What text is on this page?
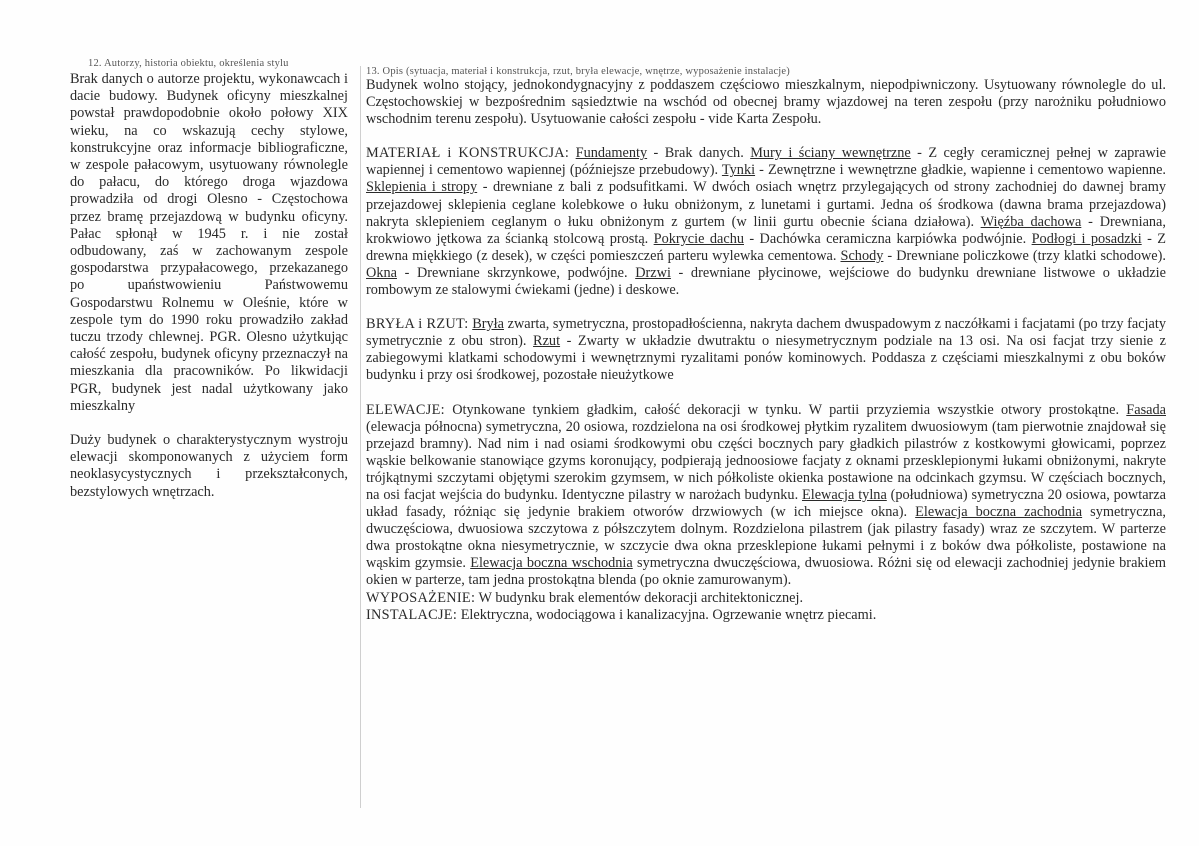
12. Autorzy, historia obiektu, określenia stylu

Brak danych o autorze projektu, wykonawcach i dacie budowy. Budynek oficyny mieszkalnej powstał prawdopodobnie około połowy XIX wieku, na co wskazują cechy stylowe, konstrukcyjne oraz informacje bibliograficzne, w zespole pałacowym, usytuowany równolegle do pałacu, do którego droga wjazdowa prowadziła od drogi Olesno - Częstochowa przez bramę przejazdową w budynku oficyny. Pałac spłonął w 1945 r. i nie został odbudowany, zaś w zachowanym zespole gospodarstwa przypałacowego, przekazanego po upaństwowieniu Państwowemu Gospodarstwu Rolnemu w Oleśnie, które w zespole tym do 1990 roku prowadziło zakład tuczu trzody chlewnej. PGR. Olesno użytkując całość zespołu, budynek oficyny przeznaczył na mieszkania dla pracowników. Po likwidacji PGR, budynek jest nadal użytkowany jako mieszkalny

Duży budynek o charakterystycznym wystroju elewacji skomponowanych z użyciem form neoklasycystycznych i przekształconych, bezstylowych wnętrzach.

13. Opis (sytuacja, materiał i konstrukcja, rzut, bryła elewacje, wnętrze, wyposażenie instalacje)

Budynek wolno stojący, jednokondygnacyjny z poddaszem częściowo mieszkalnym, niepodpiwniczony. Usytuowany równolegle do ul. Częstochowskiej w bezpośrednim sąsiedztwie na wschód od obecnej bramy wjazdowej na teren zespołu (przy narożniku południowo wschodnim terenu zespołu). Usytuowanie całości zespołu - vide Karta Zespołu.

MATERIAŁ i KONSTRUKCJA: Fundamenty - Brak danych. Mury i ściany wewnętrzne - Z cegły ceramicznej pełnej w zaprawie wapiennej i cementowo wapiennej (późniejsze przebudowy). Tynki - Zewnętrzne i wewnętrzne gładkie, wapienne i cementowo wapienne. Sklepienia i stropy - drewniane z bali z podsufitkami. W dwóch osiach wnętrz przylegających od strony zachodniej do dawnej bramy przejazdowej sklepienia ceglane kolebkowe o łuku obniżonym, z lunetami i gurtami. Jedna oś środkowa (dawna brama przejazdowa) nakryta sklepieniem ceglanym o łuku obniżonym z gurtem (w linii gurtu obecnie ściana działowa). Więźba dachowa - Drewniana, krokwiowo jętkowa za ścianką stolcową prostą. Pokrycie dachu - Dachówka ceramiczna karpiówka podwójnie. Podłogi i posadzki - Z drewna miękkiego (z desek), w części pomieszczeń parteru wylewka cementowa. Schody - Drewniane policzkowe (trzy klatki schodowe). Okna - Drewniane skrzynkowe, podwójne. Drzwi - drewniane płycinowe, wejściowe do budynku drewniane listwowe o układzie rombowym ze stalowymi ćwiekami (jedne) i deskowe.

BRYŁA i RZUT: Bryła zwarta, symetryczna, prostopadłościenna, nakryta dachem dwuspadowym z naczółkami i facjatami (po trzy facjaty symetrycznie z obu stron). Rzut - Zwarty w układzie dwutraktu o niesymetrycznym podziale na 13 osi. Na osi facjat trzy sienie z zabiegowymi klatkami schodowymi i wewnętrznymi ryzalitami ponów kominowych. Poddasza z częściami mieszkalnymi z obu boków budynku i przy osi środkowej, pozostałe nieużytkowe

ELEWACJE: Otynkowane tynkiem gładkim, całość dekoracji w tynku. W partii przyziemia wszystkie otwory prostokątne. Fasada (elewacja północna) symetryczna, 20 osiowa, rozdzielona na osi środkowej płytkim ryzalitem dwuosiowym (tam pierwotnie znajdował się przejazd bramny). Nad nim i nad osiami środkowymi obu części bocznych pary gładkich pilastrów z kostkowymi głowicami, poprzez wąskie belkowanie stanowiące gzyms koronujący, podpierają jednoosiowe facjaty z oknami przesklepionymi łukami obniżonymi, nakryte trójkątnymi szczytami objętymi szerokim gzymsem, w nich półkoliste okienka postawione na odcinkach gzymsu. W częściach bocznych, na osi facjat wejścia do budynku. Identyczne pilastry w narożach budynku. Elewacja tylna (południowa) symetryczna 20 osiowa, powtarza układ fasady, różniąc się jedynie brakiem otworów drzwiowych (w ich miejsce okna). Elewacja boczna zachodnia symetryczna, dwuczęściowa, dwuosiowa szczytowa z półszczytem dolnym. Rozdzielona pilastrem (jak pilastry fasady) wraz ze szczytem. W parterze dwa prostokątne okna niesymetrycznie, w szczycie dwa okna przesklepione łukami pełnymi i z boków dwa półkoliste, postawione na wąskim gzymsie. Elewacja boczna wschodnia symetryczna dwuczęściowa, dwuosiowa. Różni się od elewacji zachodniej jedynie brakiem okien w parterze, tam jedna prostokątna blenda (po oknie zamurowanym).

WYPOSAŻENIE: W budynku brak elementów dekoracji architektonicznej.

INSTALACJE: Elektryczna, wodociągowa i kanalizacyjna. Ogrzewanie wnętrz piecami.
